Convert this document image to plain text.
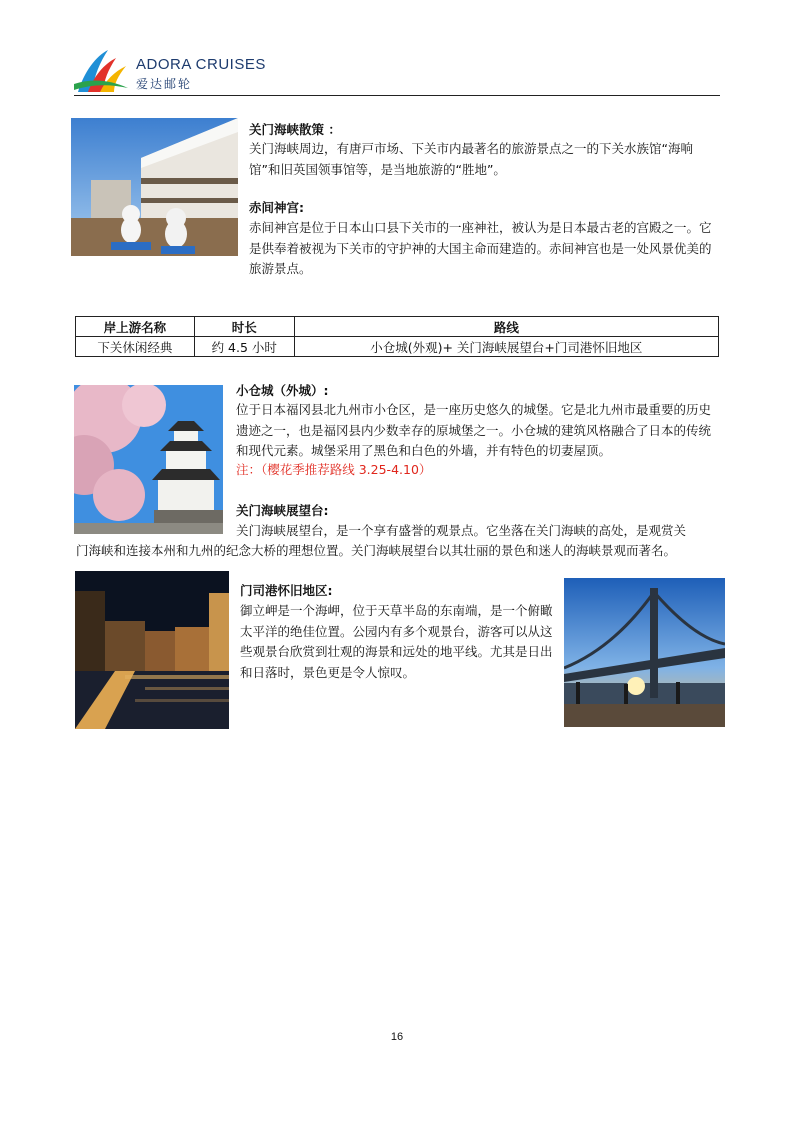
ADORA CRUISES
爱达邮轮
关门海峡散策 ：
关门海峡周边，有唐戸市场、下关市内最著名的旅游景点之一的下关水族馆“海响馆”和旧英国领事馆等，是当地旅游的“胜地”。
赤间神宫:
赤间神宫是位于日本山口县下关市的一座神社，被认为是日本最古老的宫殿之一。它是供奉着被视为下关市的守护神的大国主命而建造的。赤间神宫也是一处风景优美的旅游景点。
岸上游名称	时长	路线
下关休闲经典	约 4.5 小时	小仓城(外观)+ 关门海峡展望台+门司港怀旧地区
小仓城（外城）:
位于日本福冈县北九州市小仓区，是一座历史悠久的城堡。它是北九州市最重要的历史遗迹之一，也是福冈县内少数幸存的原城堡之一。小仓城的建筑风格融合了日本的传统和现代元素。城堡采用了黑色和白色的外墙，并有特色的切妻屋顶。
注：（樱花季推荐路线 3.25-4.10）
关门海峡展望台:
关门海峡展望台，是一个享有盛誉的观景点。它坐落在关门海峡的高处，是观赏关
门海峡和连接本州和九州的纪念大桥的理想位置。关门海峡展望台以其壮丽的景色和迷人的海峡景观而著名。
门司港怀旧地区:
御立岬是一个海岬，位于天草半岛的东南端，是一个俯瞰太平洋的绝佳位置。公园内有多个观景台，游客可以从这些观景台欣赏到壮观的海景和远处的地平线。尤其是日出和日落时，景色更是令人惊叹。
16
